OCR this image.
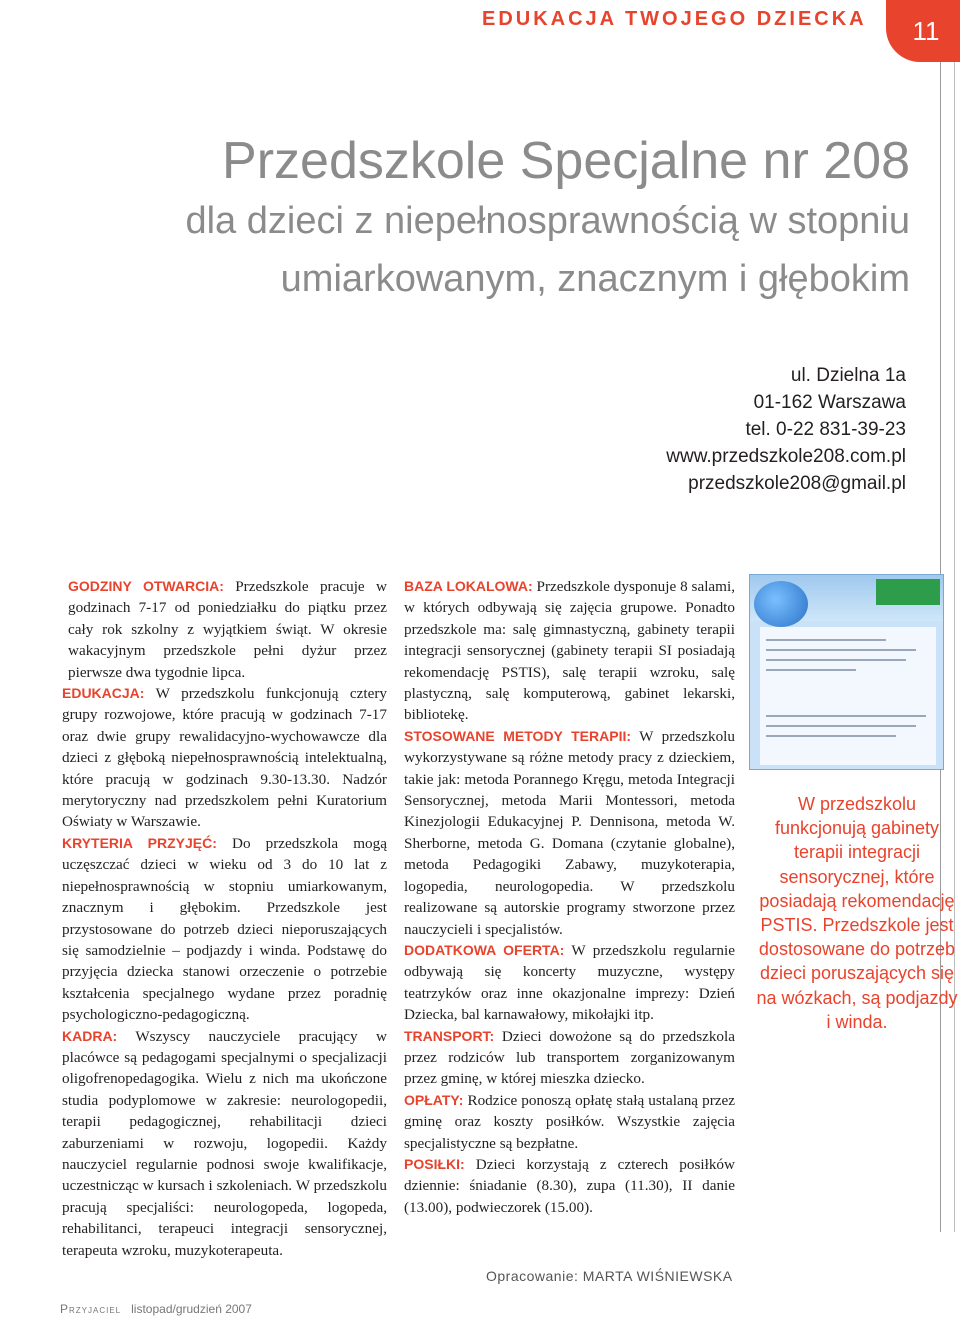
EDUKACJA TWOJEGO DZIECKA	11
Przedszkole Specjalne nr 208
dla dzieci z niepełnosprawnością w stopniu
umiarkowanym, znacznym i głębokim
ul. Dzielna 1a
01-162 Warszawa
tel. 0-22 831-39-23
www.przedszkole208.com.pl
przedszkole208@gmail.pl

GODZINY OTWARCIA: Przedszkole pracuje w godzinach 7-17 od poniedziałku do piątku przez cały rok szkolny z wyjątkiem świąt. W okresie wakacyjnym przedszkole pełni dyżur przez pierwsze dwa tygodnie lipca.

EDUKACJA: W przedszkolu funkcjonują cztery grupy rozwojowe, które pracują w godzinach 7-17 oraz dwie grupy rewalidacyjno-wychowawcze dla dzieci z głęboką niepełnosprawnością intelektualną, które pracują w godzinach 9.30-13.30. Nadzór merytoryczny nad przedszkolem pełni Kuratorium Oświaty w Warszawie.

KRYTERIA PRZYJĘĆ: Do przedszkola mogą uczęszczać dzieci w wieku od 3 do 10 lat z niepełnosprawnością w stopniu umiarkowanym, znacznym i głębokim. Przedszkole jest przystosowane do potrzeb dzieci nieporuszających się samodzielnie – podjazdy i winda. Podstawę do przyjęcia dziecka stanowi orzeczenie o potrzebie kształcenia specjalnego wydane przez poradnię psychologiczno-pedagogiczną.

KADRA: Wszyscy nauczyciele pracujący w placówce są pedagogami specjalnymi o specjalizacji oligofrenopedagogika. Wielu z nich ma ukończone studia podyplomowe w zakresie: neurologopedii, terapii pedagogicznej, rehabilitacji dzieci zaburzeniami w rozwoju, logopedii. Każdy nauczyciel regularnie podnosi swoje kwalifikacje, uczestnicząc w kursach i szkoleniach. W przedszkolu pracują specjaliści: neurologopeda, logopeda, rehabilitanci, terapeuci integracji sensorycznej, terapeuta wzroku, muzykoterapeuta.

BAZA LOKALOWA: Przedszkole dysponuje 8 salami, w których odbywają się zajęcia grupowe. Ponadto przedszkole ma: salę gimnastyczną, gabinety terapii integracji sensorycznej (gabinety terapii SI posiadają rekomendację PSTIS), salę terapii wzroku, salę plastyczną, salę komputerową, gabinet lekarski, bibliotekę.

STOSOWANE METODY TERAPII: W przedszkolu wykorzystywane są różne metody pracy z dzieckiem, takie jak: metoda Porannego Kręgu, metoda Integracji Sensorycznej, metoda Marii Montessori, metoda Kinezjologii Edukacyjnej P. Dennisona, metoda W. Sherborne, metoda G. Domana (czytanie globalne), metoda Pedagogiki Zabawy, muzykoterapia, logopedia, neurologopedia. W przedszkolu realizowane są autorskie programy stworzone przez nauczycieli i specjalistów.

DODATKOWA OFERTA: W przedszkolu regularnie odbywają się koncerty muzyczne, występy teatrzyków oraz inne okazjonalne imprezy: Dzień Dziecka, bal karnawałowy, mikołajki itp.

TRANSPORT: Dzieci dowożone są do przedszkola przez rodziców lub transportem zorganizowanym przez gminę, w której mieszka dziecko.

OPŁATY: Rodzice ponoszą opłatę stałą ustalaną przez gminę oraz koszty posiłków. Wszystkie zajęcia specjalistyczne są bezpłatne.

POSIŁKI: Dzieci korzystają z czterech posiłków dziennie: śniadanie (8.30), zupa (11.30), II danie (13.00), podwieczorek (15.00).

W przedszkolu funkcjonują gabinety terapii integracji sensorycznej, które posiadają rekomendację PSTIS. Przedszkole jest dostosowane do potrzeb dzieci poruszających się na wózkach, są podjazdy i winda.
Opracowanie: MARTA WIŚNIEWSKA
Przyjaciel listopad/grudzień 2007
